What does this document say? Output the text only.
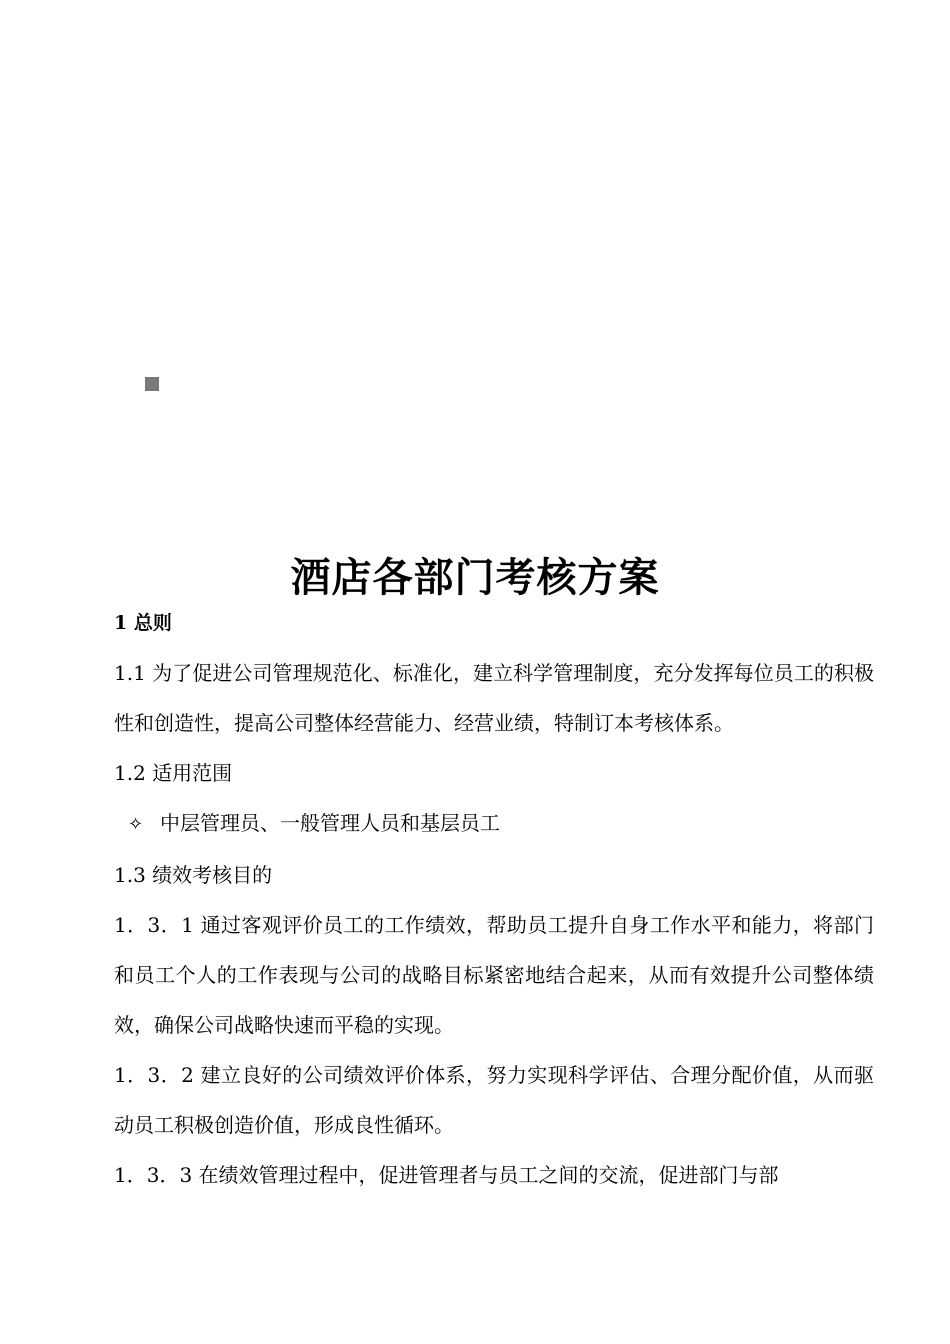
酒店各部门考核方案

1 总则

1.1 为了促进公司管理规范化、标准化，建立科学管理制度，充分发挥每位员工的积极性和创造性，提高公司整体经营能力、经营业绩，特制订本考核体系。

1.2 适用范围

✧ 中层管理员、一般管理人员和基层员工

1.3 绩效考核目的

1．3．1 通过客观评价员工的工作绩效，帮助员工提升自身工作水平和能力，将部门和员工个人的工作表现与公司的战略目标紧密地结合起来，从而有效提升公司整体绩效，确保公司战略快速而平稳的实现。

1．3．2 建立良好的公司绩效评价体系，努力实现科学评估、合理分配价值，从而驱动员工积极创造价值，形成良性循环。

1．3．3 在绩效管理过程中，促进管理者与员工之间的交流，促进部门与部
